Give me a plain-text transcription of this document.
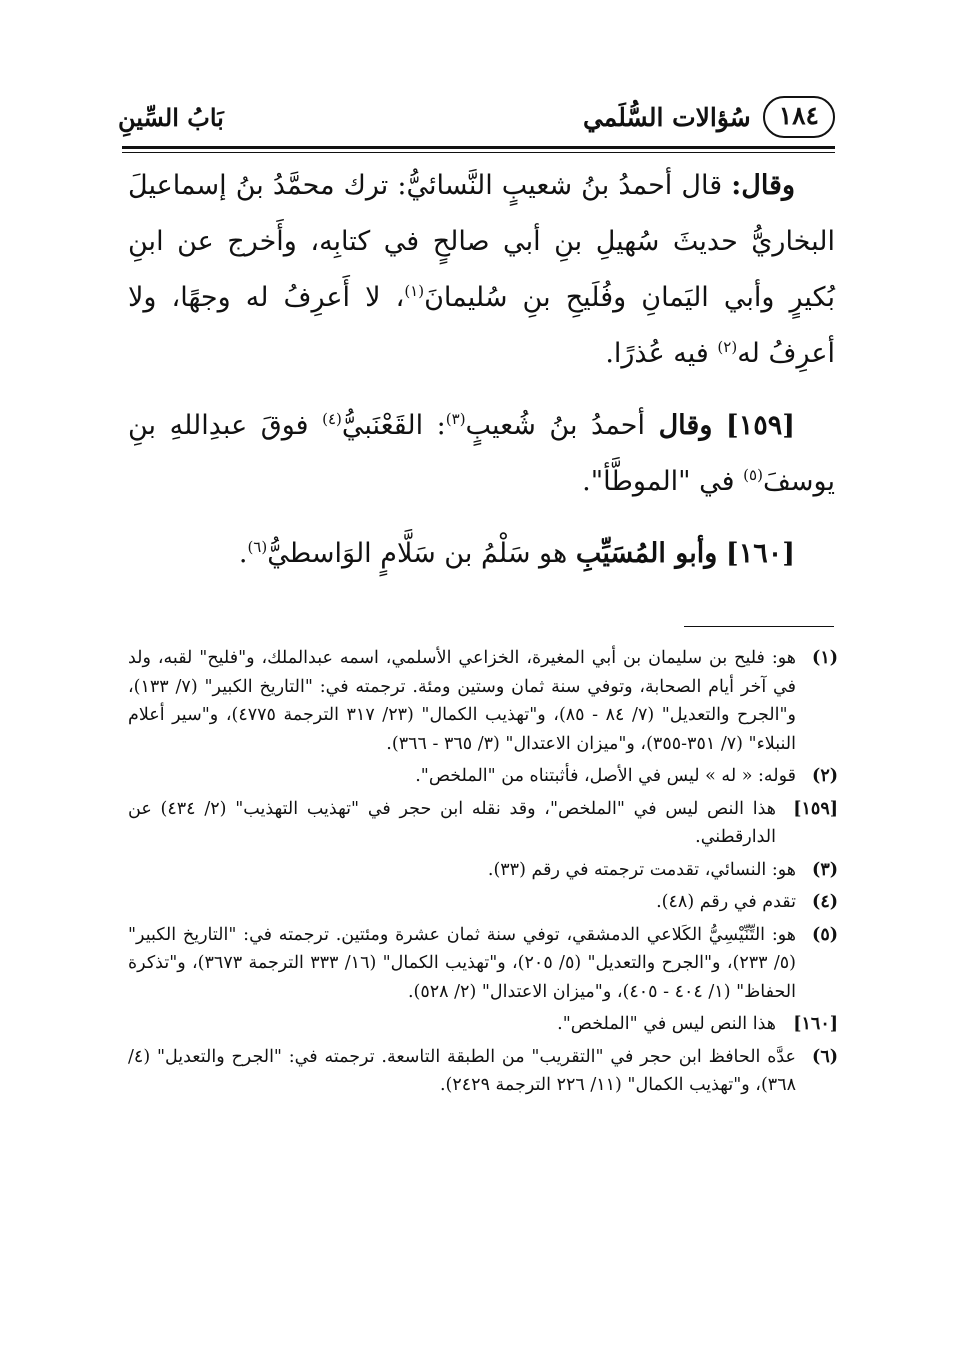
١٨٤
سُؤالات السُّلَمي
بَابُ السِّينِ

وقال: قال أحمدُ بنُ شعيبٍ النَّسائيُّ: ترك محمَّدُ بنُ إسماعيلَ البخاريُّ حديثَ سُهيلِ بنِ أبي صالحٍ في كتابِه، وأَخرج عن ابنِ بُكيرٍ وأبي اليَمانِ وفُلَيحِ بنِ سُليمانَ$^{(١)}$، لا أَعرِفُ له وجهًا، ولا أعرِفُ له$^{(٢)}$ فيه عُذرًا.

[١٥٩] وقال أحمدُ بنُ شُعيبٍ$^{(٣)}$: القَعْنَبيُّ$^{(٤)}$ فوقَ عبدِاللهِ بنِ يوسفَ$^{(٥)}$ في "الموطَّأ".

[١٦٠] وأبو المُسَيِّبِ هو سَلْمُ بن سَلَّامٍ الوَاسطيُّ$^{(٦)}$.

(١)
هو: فليح بن سليمان بن أبي المغيرة، الخزاعي الأسلمي، اسمه عبدالملك، و"فليح" لقبه، ولد في آخر أيام الصحابة، وتوفي سنة ثمان وستين ومئة. ترجمته في: "التاريخ الكبير" (٧/ ١٣٣)، و"الجرح والتعديل" (٧/ ٨٤ - ٨٥)، و"تهذيب الكمال" (٢٣/ ٣١٧ الترجمة ٤٧٧٥)، و"سير أعلام النبلاء" (٧/ ٣٥١-٣٥٥)، و"ميزان الاعتدال" (٣/ ٣٦٥ - ٣٦٦).
(٢)
قوله: « له » ليس في الأصل، فأثبتناه من "الملخص".
[١٥٩]
هذا النص ليس في "الملخص"، وقد نقله ابن حجر في "تهذيب التهذيب" (٢/ ٤٣٤) عن الدارقطني.
(٣)
هو: النسائي، تقدمت ترجمته في رقم (٣٣).
(٤)
تقدم في رقم (٤٨).
(٥)
هو: التِّنِّيْسِيُّ الكَلاعي الدمشقي، توفي سنة ثمان عشرة ومئتين. ترجمته في: "التاريخ الكبير" (٥/ ٢٣٣)، و"الجرح والتعديل" (٥/ ٢٠٥)، و"تهذيب الكمال" (١٦/ ٣٣٣ الترجمة ٣٦٧٣)، و"تذكرة الحفاظ" (١/ ٤٠٤ - ٤٠٥)، و"ميزان الاعتدال" (٢/ ٥٢٨).
[١٦٠]
هذا النص ليس في "الملخص".
(٦)
عدَّه الحافظ ابن حجر في "التقريب" من الطبقة التاسعة. ترجمته في: "الجرح والتعديل" (٤/ ٣٦٨)، و"تهذيب الكمال" (١١/ ٢٢٦ الترجمة ٢٤٢٩).
